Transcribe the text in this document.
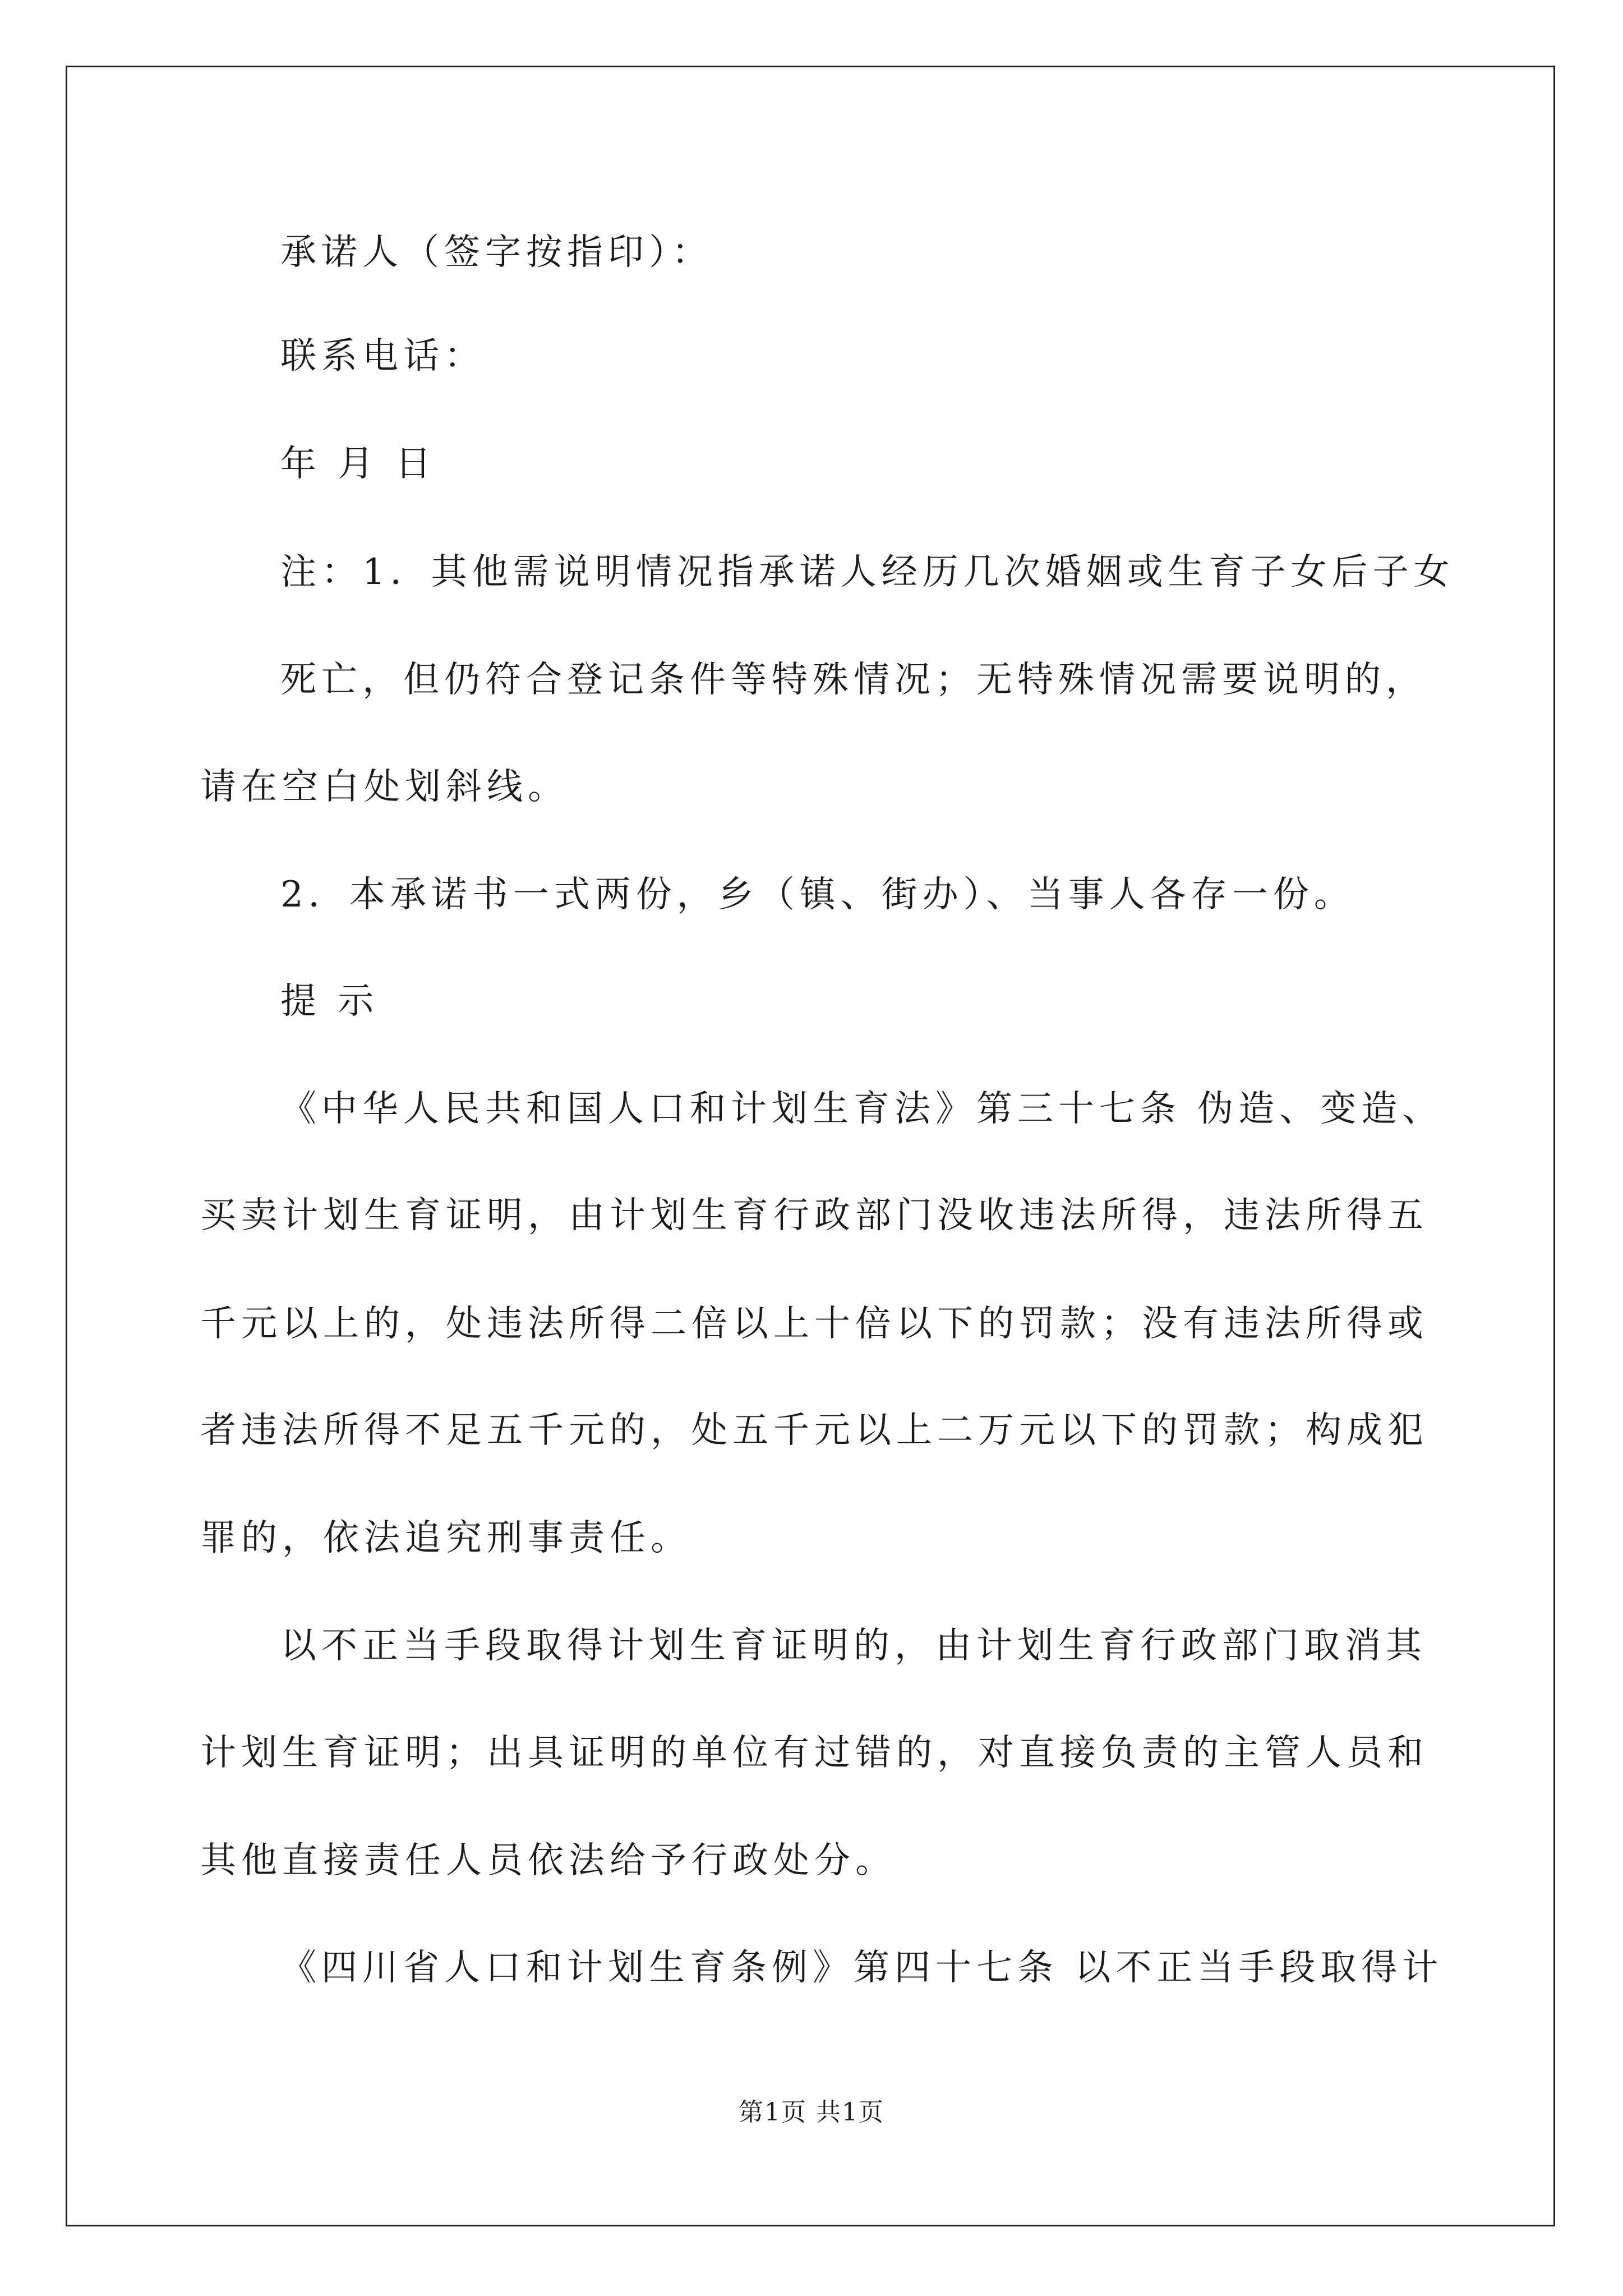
承诺人（签字按指印）：
联系电话：
年 月 日
注：1．其他需说明情况指承诺人经历几次婚姻或生育子女后子女
死亡，但仍符合登记条件等特殊情况；无特殊情况需要说明的，
请在空白处划斜线。
2．本承诺书一式两份，乡（镇、街办）、当事人各存一份。
提 示
《中华人民共和国人口和计划生育法》第三十七条 伪造、变造、
买卖计划生育证明，由计划生育行政部门没收违法所得，违法所得五
千元以上的，处违法所得二倍以上十倍以下的罚款；没有违法所得或
者违法所得不足五千元的，处五千元以上二万元以下的罚款；构成犯
罪的，依法追究刑事责任。
以不正当手段取得计划生育证明的，由计划生育行政部门取消其
计划生育证明；出具证明的单位有过错的，对直接负责的主管人员和
其他直接责任人员依法给予行政处分。
《四川省人口和计划生育条例》第四十七条 以不正当手段取得计
第1页 共1页
